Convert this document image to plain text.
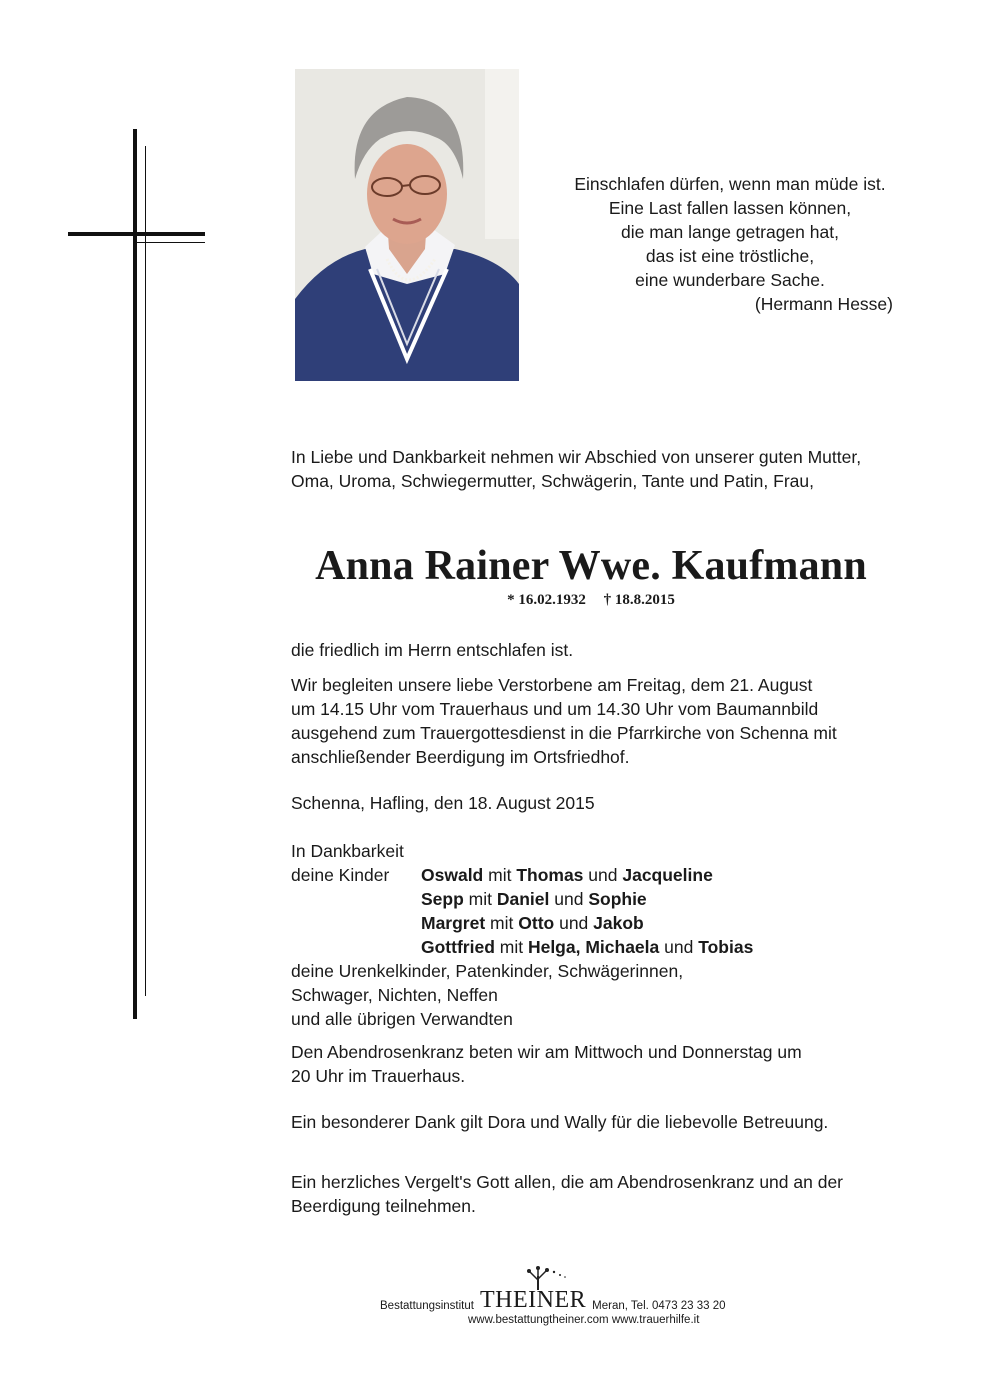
Einschlafen dürfen, wenn man müde ist.
Eine Last fallen lassen können,
die man lange getragen hat,
das ist eine tröstliche,
eine wunderbare Sache.
(Hermann Hesse)
In Liebe und Dankbarkeit nehmen wir Abschied von unserer guten Mutter,
Oma, Uroma, Schwiegermutter, Schwägerin, Tante und Patin, Frau,
Anna Rainer Wwe. Kaufmann
* 16.02.1932 † 18.8.2015
die friedlich im Herrn entschlafen ist.
Wir begleiten unsere liebe Verstorbene am Freitag, dem 21. August
um 14.15 Uhr vom Trauerhaus und um 14.30 Uhr vom Baumannbild
ausgehend zum Trauergottesdienst in die Pfarrkirche von Schenna mit
anschließender Beerdigung im Ortsfriedhof.
Schenna, Hafling, den 18. August 2015
In Dankbarkeit
deine Kinder Oswald mit Thomas und Jacqueline
Sepp mit Daniel und Sophie
Margret mit Otto und Jakob
Gottfried mit Helga, Michaela und Tobias
deine Urenkelkinder, Patenkinder, Schwägerinnen,
Schwager, Nichten, Neffen
und alle übrigen Verwandten
Den Abendrosenkranz beten wir am Mittwoch und Donnerstag um
20 Uhr im Trauerhaus.
Ein besonderer Dank gilt Dora und Wally für die liebevolle Betreuung.
Ein herzliches Vergelt's Gott allen, die am Abendrosenkranz und an der
Beerdigung teilnehmen.
Bestattungsinstitut THEINER Meran, Tel. 0473 23 33 20
www.bestattungtheiner.com www.trauerhilfe.it
